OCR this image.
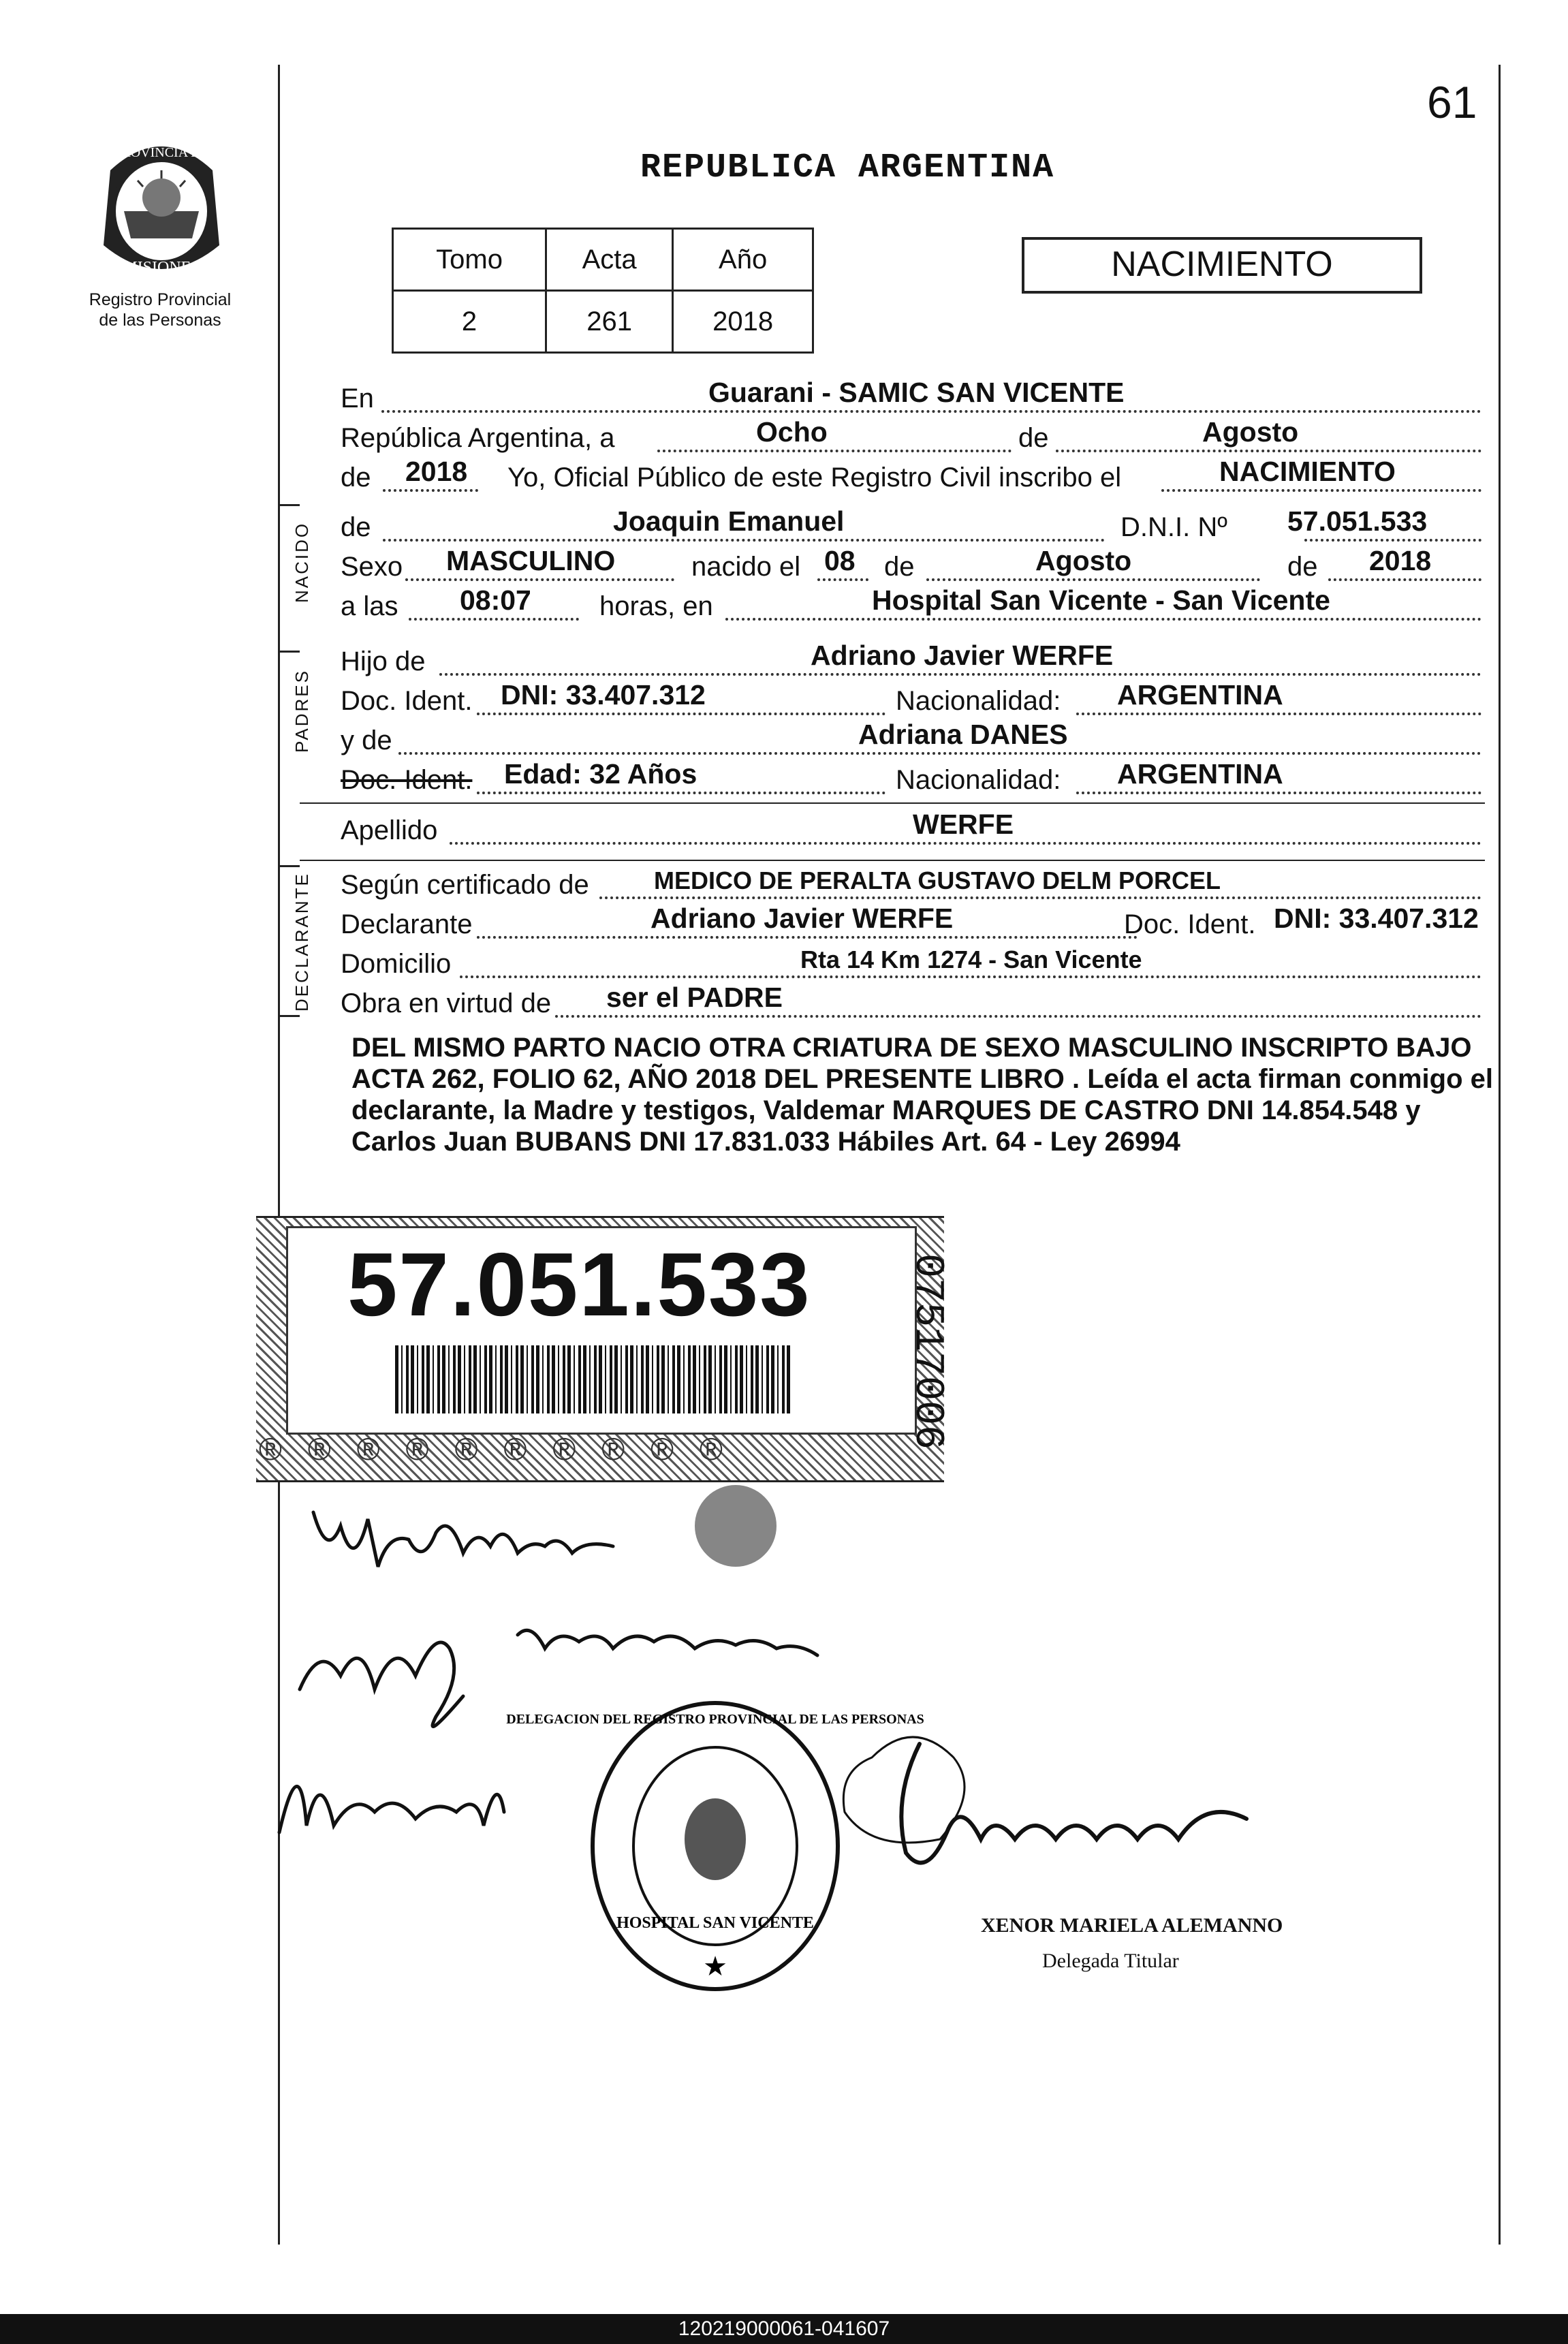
61
PROVINCIA DE
MISIONES
Registro Provincial
de las Personas
REPUBLICA ARGENTINA
Tomo	Acta	Año
2	261	2018
NACIMIENTO
NACIDO
PADRES
DECLARANTE
En	Guarani - SAMIC SAN VICENTE
República Argentina, a	Ocho	de	Agosto
de 2018 Yo, Oficial Público de este Registro Civil inscribo el	NACIMIENTO
de	Joaquin Emanuel	D.N.I. Nº 57.051.533
Sexo MASCULINO	nacido el 08 de	Agosto	de 2018
a las 08:07	horas, en	Hospital San Vicente - San Vicente
Hijo de	Adriano Javier WERFE
Doc. Ident. DNI: 33.407.312	Nacionalidad: ARGENTINA
y de	Adriana DANES
Doc. Ident. Edad: 32 Años	Nacionalidad: ARGENTINA
Apellido	WERFE
Según certificado de	MEDICO DE PERALTA GUSTAVO DELM PORCEL
Declarante	Adriano Javier WERFE	Doc. Ident. DNI: 33.407.312
Domicilio	Rta 14 Km 1274 - San Vicente
Obra en virtud de ser el PADRE
DEL MISMO PARTO NACIO OTRA CRIATURA DE SEXO MASCULINO INSCRIPTO BAJO ACTA 262, FOLIO 62, AÑO 2018 DEL PRESENTE LIBRO . Leída el acta firman conmigo el declarante, la Madre y testigos, Valdemar MARQUES DE CASTRO DNI 14.854.548 y Carlos Juan BUBANS DNI 17.831.033 Hábiles Art. 64 - Ley 26994
57.051.533 07517006
®®®®®®®®®®
DELEGACION DEL REGISTRO PROVINCIAL DE LAS PERSONAS
HOSPITAL SAN VICENTE
★
XENOR MARIELA ALEMANNO
Delegada Titular
120219000061-041607
